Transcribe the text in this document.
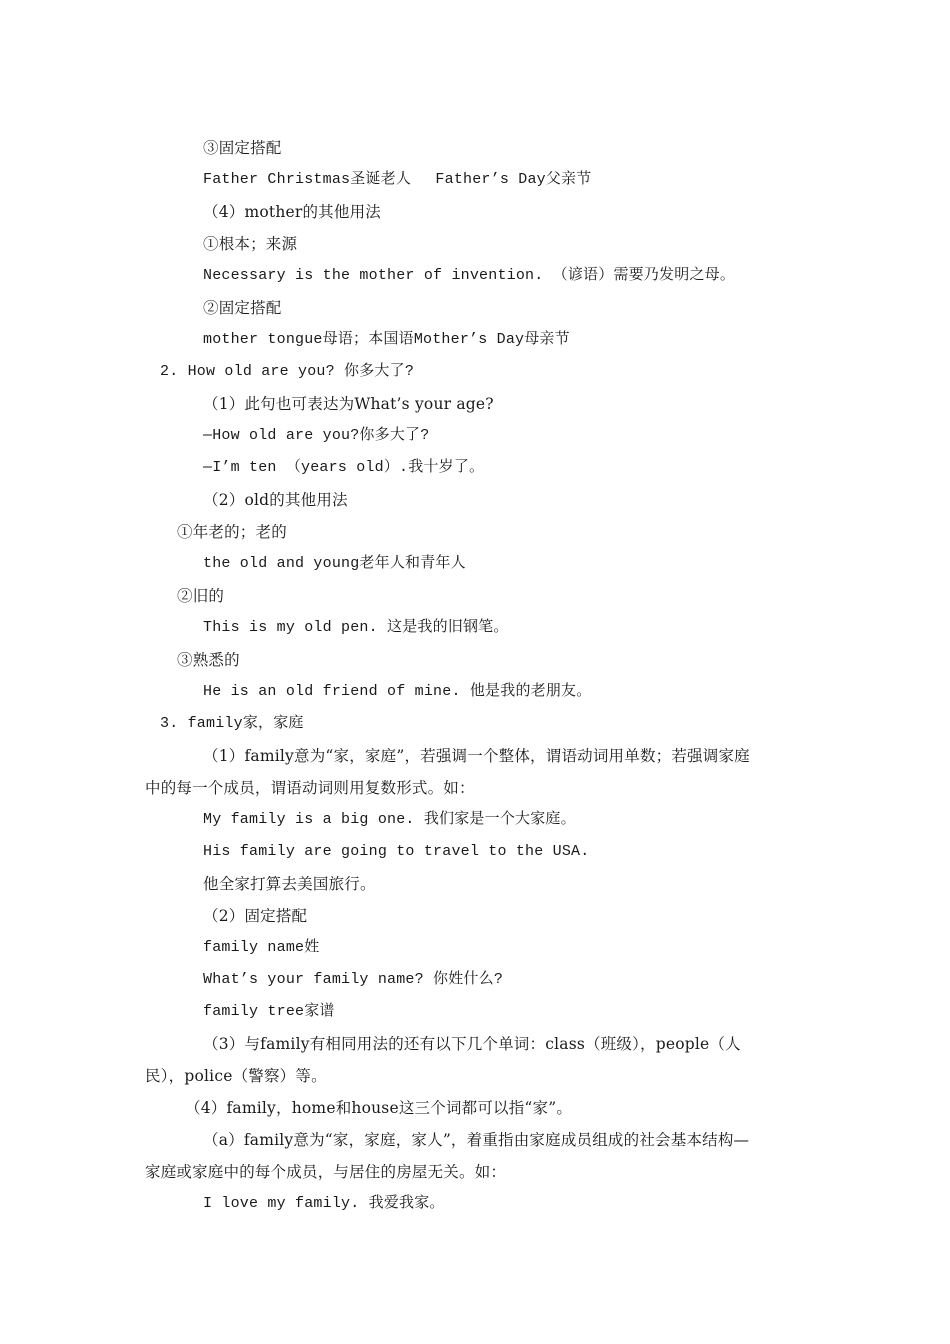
③固定搭配
Father Christmas圣诞老人　 Father’s Day父亲节
（4）mother的其他用法
①根本；来源
Necessary is the mother of invention. （谚语）需要乃发明之母。
②固定搭配
mother tongue母语；本国语Mother’s Day母亲节
2. How old are you? 你多大了?
（1）此句也可表达为What’s your age?
—How old are you?你多大了?
—I’m ten （years old）.我十岁了。
（2）old的其他用法
①年老的；老的
the old and young老年人和青年人
②旧的
This is my old pen. 这是我的旧钢笔。
③熟悉的
He is an old friend of mine. 他是我的老朋友。
3. family家，家庭
（1）family意为“家，家庭”，若强调一个整体，谓语动词用单数；若强调家庭
中的每一个成员，谓语动词则用复数形式。如：
My family is a big one. 我们家是一个大家庭。
His family are going to travel to the USA.
他全家打算去美国旅行。
（2）固定搭配
family name姓
What’s your family name? 你姓什么?
family tree家谱
（3）与family有相同用法的还有以下几个单词：class（班级），people（人
民），police（警察）等。
（4）family，home和house这三个词都可以指“家”。
（a）family意为“家，家庭，家人”，着重指由家庭成员组成的社会基本结构—
家庭或家庭中的每个成员，与居住的房屋无关。如：
I love my family. 我爱我家。
